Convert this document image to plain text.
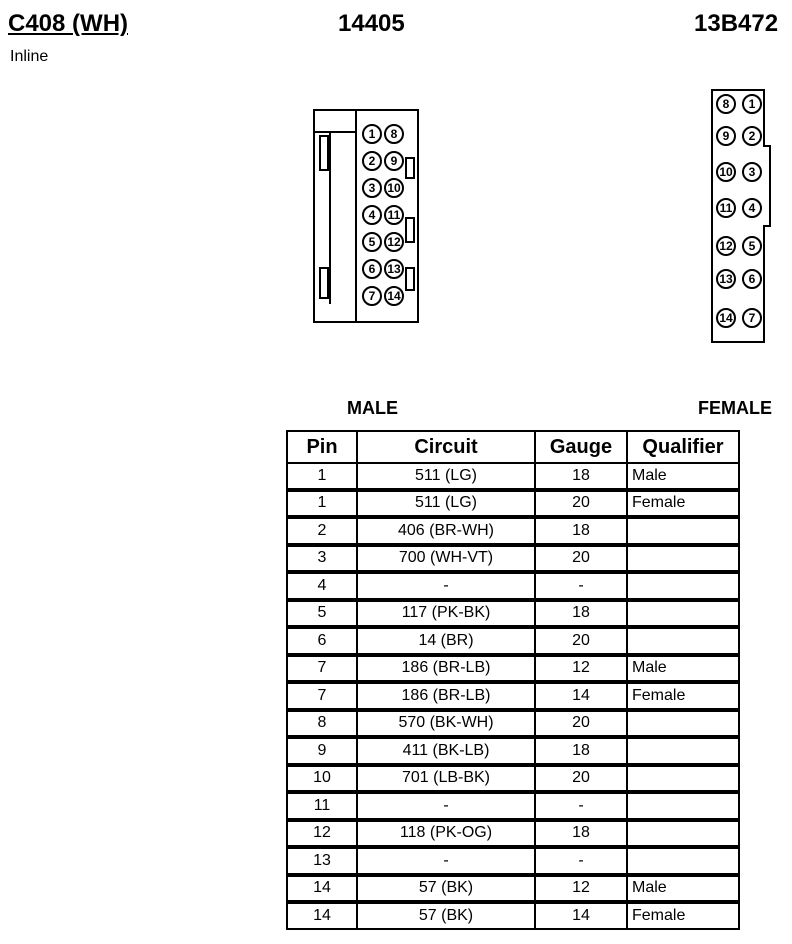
C408 (WH)
Inline
14405	13B472
1
2
3
4
5
6
7
8
9
10
11
12
13
14
8
9
10
11
12
13
14
1
2
3
4
5
6
7
MALE	FEMALE
Pin	Circuit	Gauge	Qualifier
1	511 (LG)	18	Male
1	511 (LG)	20	Female
2	406 (BR-WH)	18	
3	700 (WH-VT)	20	
4	-	-	
5	117 (PK-BK)	18	
6	14 (BR)	20	
7	186 (BR-LB)	12	Male
7	186 (BR-LB)	14	Female
8	570 (BK-WH)	20	
9	411 (BK-LB)	18	
10	701 (LB-BK)	20	
11	-	-	
12	118 (PK-OG)	18	
13	-	-	
14	57 (BK)	12	Male
14	57 (BK)	14	Female
